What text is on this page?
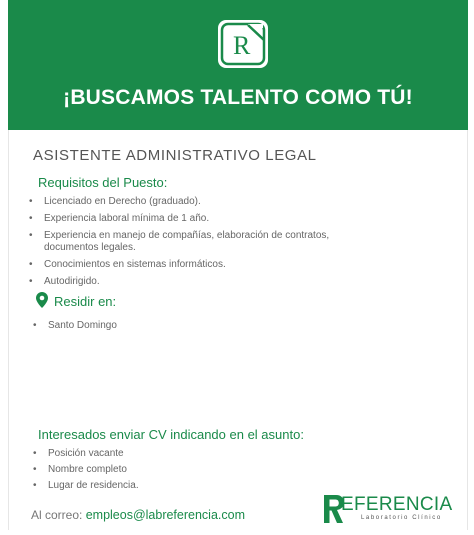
R
¡BUSCAMOS TALENTO COMO TÚ!
ASISTENTE ADMINISTRATIVO LEGAL
Requisitos del Puesto:
• Licenciado en Derecho (graduado).
• Experiencia laboral mínima de 1 año.
• Experiencia en manejo de compañías, elaboración de contratos,
documentos legales.
• Conocimientos en sistemas informáticos.
• Autodirigido.
Residir en:
• Santo Domingo
Interesados enviar CV indicando en el asunto:
• Posición vacante
• Nombre completo
• Lugar de residencia.
Al correo: empleos@labreferencia.com	EFERENCIA
Laboratorio Clínico
